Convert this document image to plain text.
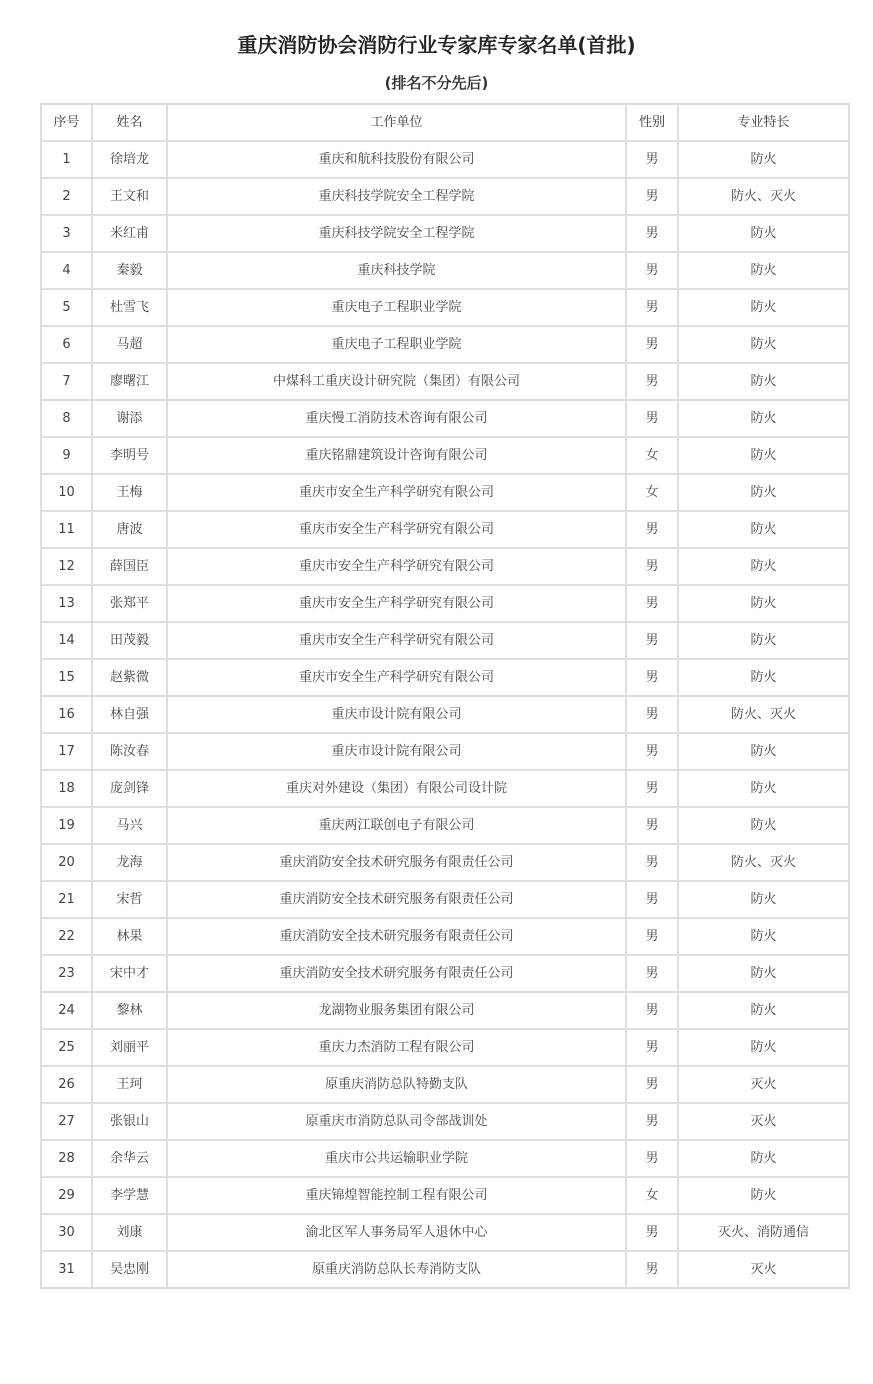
重庆消防协会消防行业专家库专家名单(首批)
(排名不分先后)
序号	姓名	工作单位	性别	专业特长
1	徐培龙	重庆和航科技股份有限公司	男	防火
2	王文和	重庆科技学院安全工程学院	男	防火、灭火
3	米红甫	重庆科技学院安全工程学院	男	防火
4	秦毅	重庆科技学院	男	防火
5	杜雪飞	重庆电子工程职业学院	男	防火
6	马超	重庆电子工程职业学院	男	防火
7	廖曙江	中煤科工重庆设计研究院（集团）有限公司	男	防火
8	谢添	重庆慢工消防技术咨询有限公司	男	防火
9	李明号	重庆铭鼎建筑设计咨询有限公司	女	防火
10	王梅	重庆市安全生产科学研究有限公司	女	防火
11	唐波	重庆市安全生产科学研究有限公司	男	防火
12	薛国臣	重庆市安全生产科学研究有限公司	男	防火
13	张郑平	重庆市安全生产科学研究有限公司	男	防火
14	田茂毅	重庆市安全生产科学研究有限公司	男	防火
15	赵紫微	重庆市安全生产科学研究有限公司	男	防火
16	林自强	重庆市设计院有限公司	男	防火、灭火
17	陈汝春	重庆市设计院有限公司	男	防火
18	庞剑锋	重庆对外建设（集团）有限公司设计院	男	防火
19	马兴	重庆两江联创电子有限公司	男	防火
20	龙海	重庆消防安全技术研究服务有限责任公司	男	防火、灭火
21	宋哲	重庆消防安全技术研究服务有限责任公司	男	防火
22	林果	重庆消防安全技术研究服务有限责任公司	男	防火
23	宋中才	重庆消防安全技术研究服务有限责任公司	男	防火
24	黎林	龙湖物业服务集团有限公司	男	防火
25	刘丽平	重庆力杰消防工程有限公司	男	防火
26	王珂	原重庆消防总队特勤支队	男	灭火
27	张银山	原重庆市消防总队司令部战训处	男	灭火
28	余华云	重庆市公共运输职业学院	男	防火
29	李学慧	重庆锦煌智能控制工程有限公司	女	防火
30	刘康	渝北区军人事务局军人退休中心	男	灭火、消防通信
31	吴忠刚	原重庆消防总队长寿消防支队	男	灭火
